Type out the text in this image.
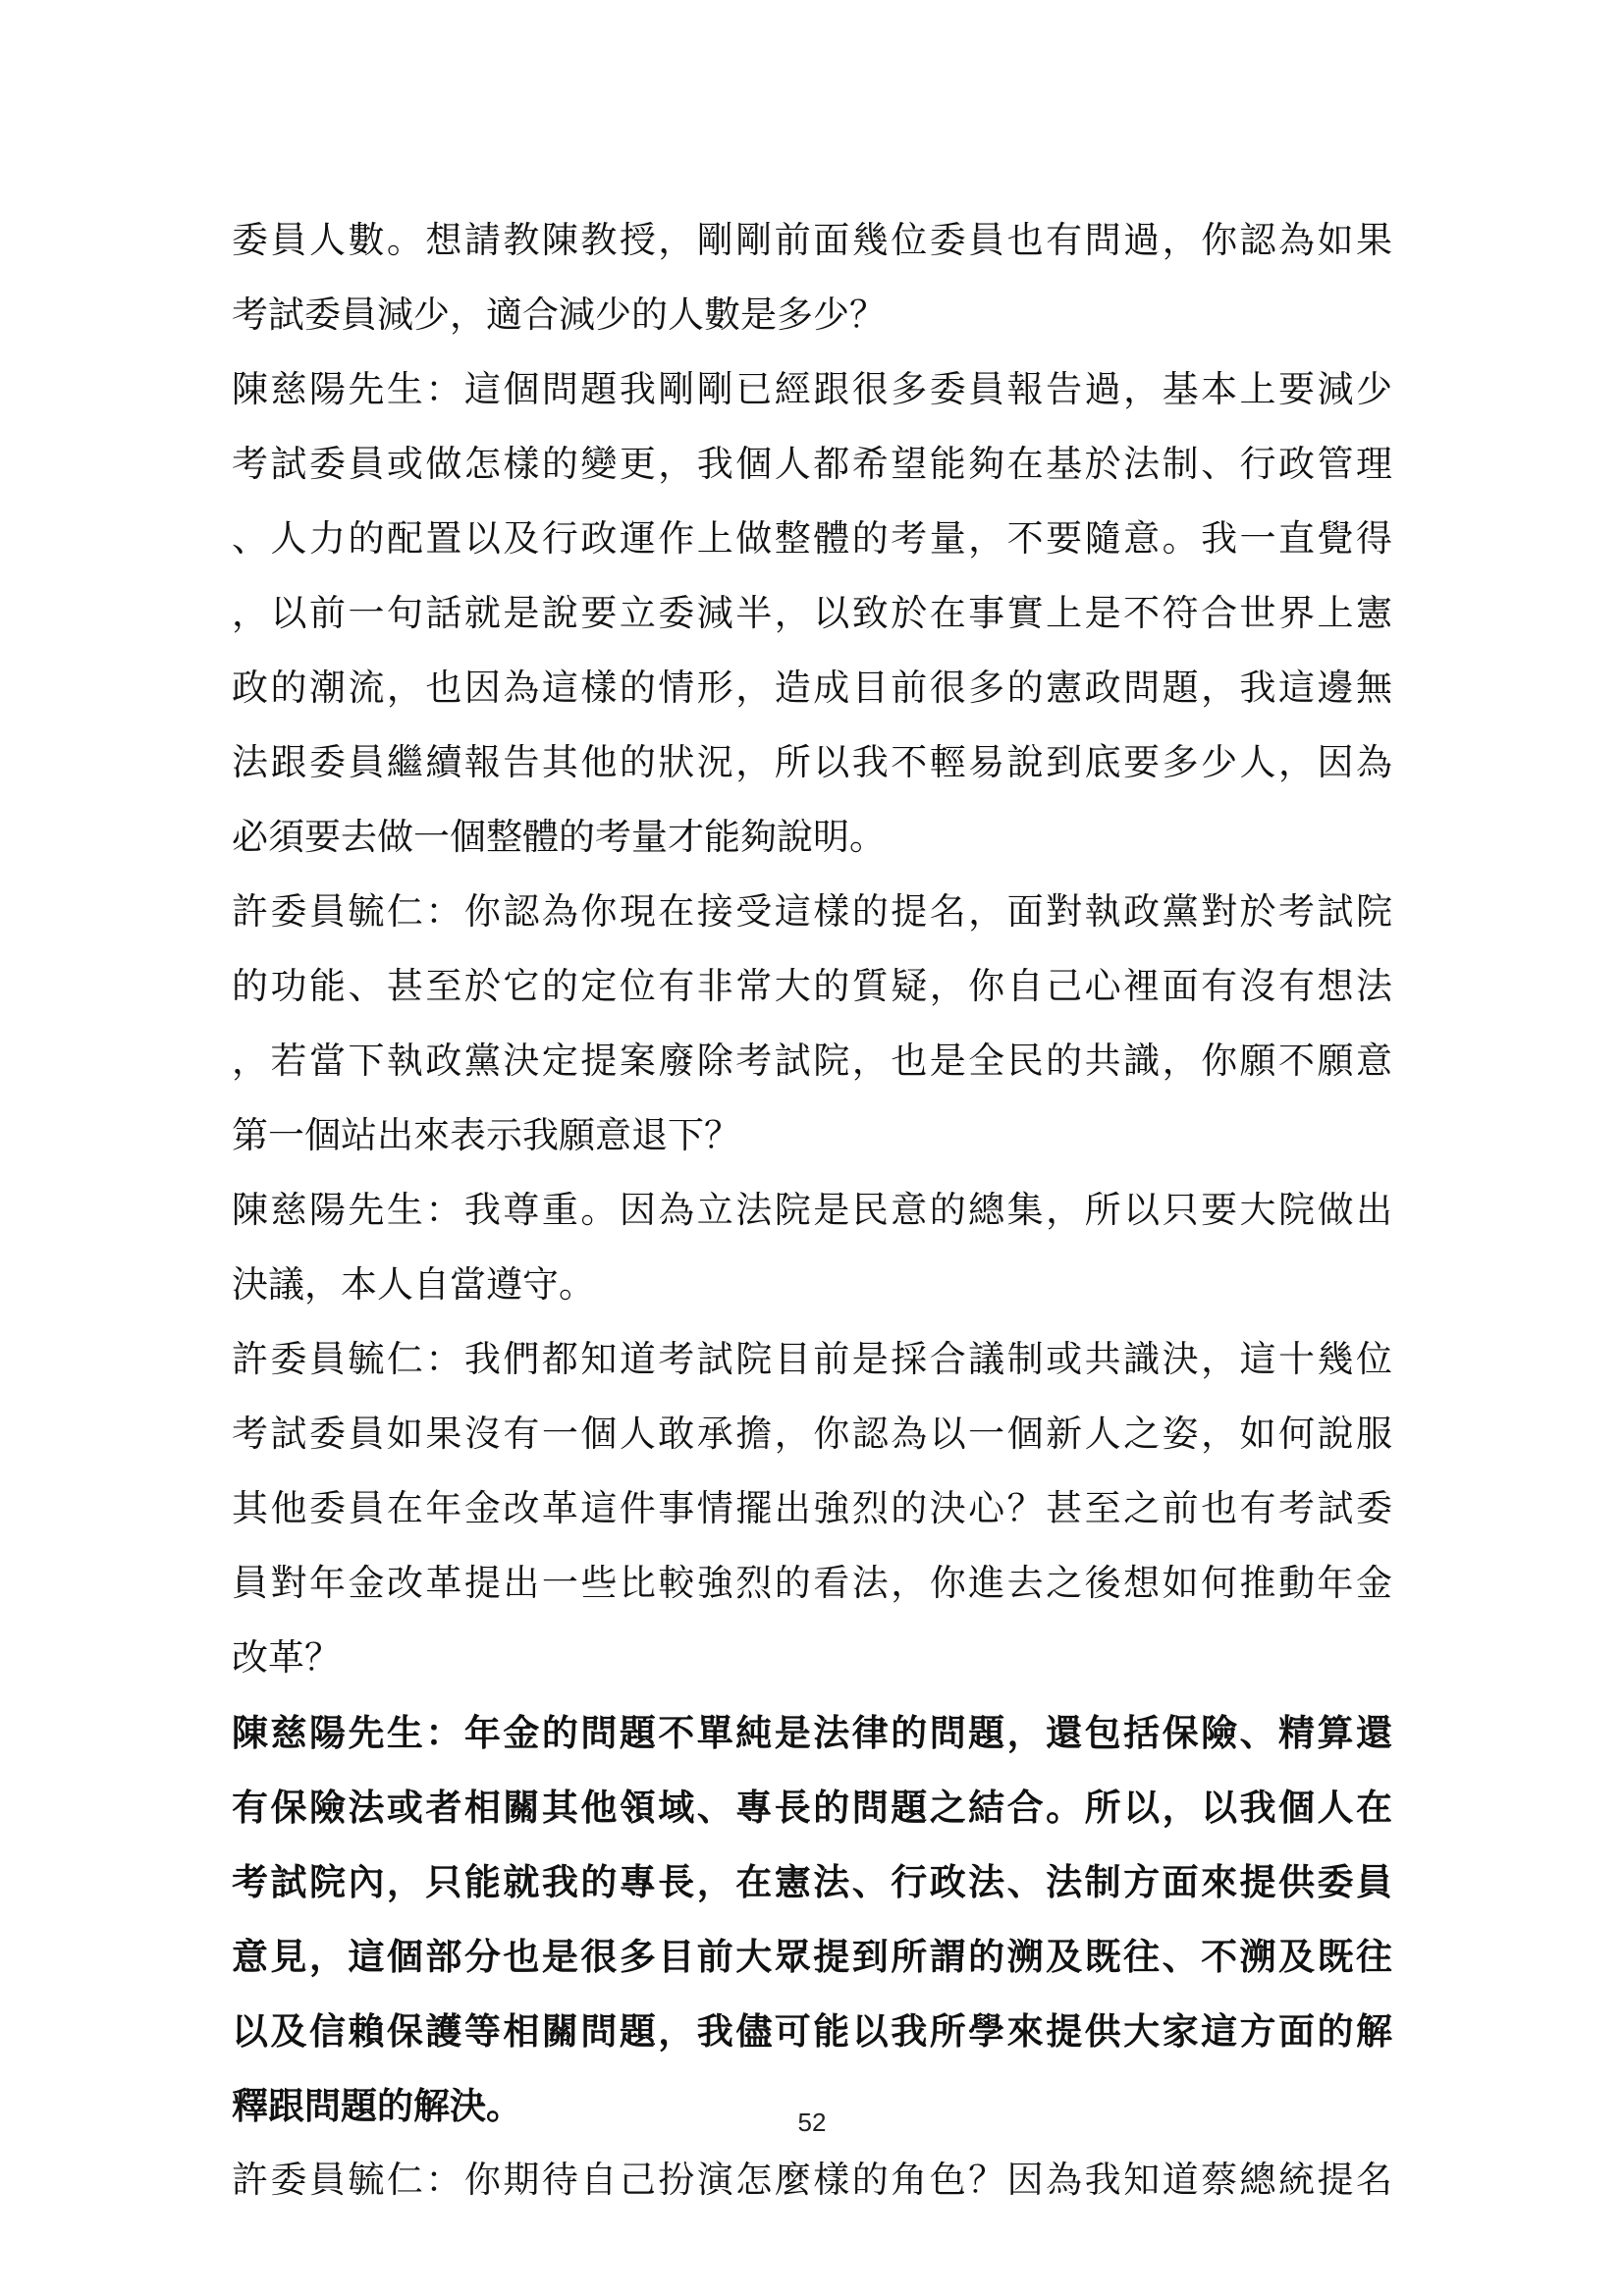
委員人數。想請教陳教授，剛剛前面幾位委員也有問過，你認為如果
考試委員減少，適合減少的人數是多少？
陳慈陽先生：這個問題我剛剛已經跟很多委員報告過，基本上要減少
考試委員或做怎樣的變更，我個人都希望能夠在基於法制、行政管理
、人力的配置以及行政運作上做整體的考量，不要隨意。我一直覺得
，以前一句話就是說要立委減半，以致於在事實上是不符合世界上憲
政的潮流，也因為這樣的情形，造成目前很多的憲政問題，我這邊無
法跟委員繼續報告其他的狀況，所以我不輕易說到底要多少人，因為
必須要去做一個整體的考量才能夠說明。
許委員毓仁：你認為你現在接受這樣的提名，面對執政黨對於考試院
的功能、甚至於它的定位有非常大的質疑，你自己心裡面有沒有想法
，若當下執政黨決定提案廢除考試院，也是全民的共識，你願不願意
第一個站出來表示我願意退下？
陳慈陽先生：我尊重。因為立法院是民意的總集，所以只要大院做出
決議，本人自當遵守。
許委員毓仁：我們都知道考試院目前是採合議制或共識決，這十幾位
考試委員如果沒有一個人敢承擔，你認為以一個新人之姿，如何說服
其他委員在年金改革這件事情擺出強烈的決心？甚至之前也有考試委
員對年金改革提出一些比較強烈的看法，你進去之後想如何推動年金
改革？
陳慈陽先生：年金的問題不單純是法律的問題，還包括保險、精算還
有保險法或者相關其他領域、專長的問題之結合。所以，以我個人在
考試院內，只能就我的專長，在憲法、行政法、法制方面來提供委員
意見，這個部分也是很多目前大眾提到所謂的溯及既往、不溯及既往
以及信賴保護等相關問題，我儘可能以我所學來提供大家這方面的解
釋跟問題的解決。
許委員毓仁：你期待自己扮演怎麼樣的角色？因為我知道蔡總統提名
52
